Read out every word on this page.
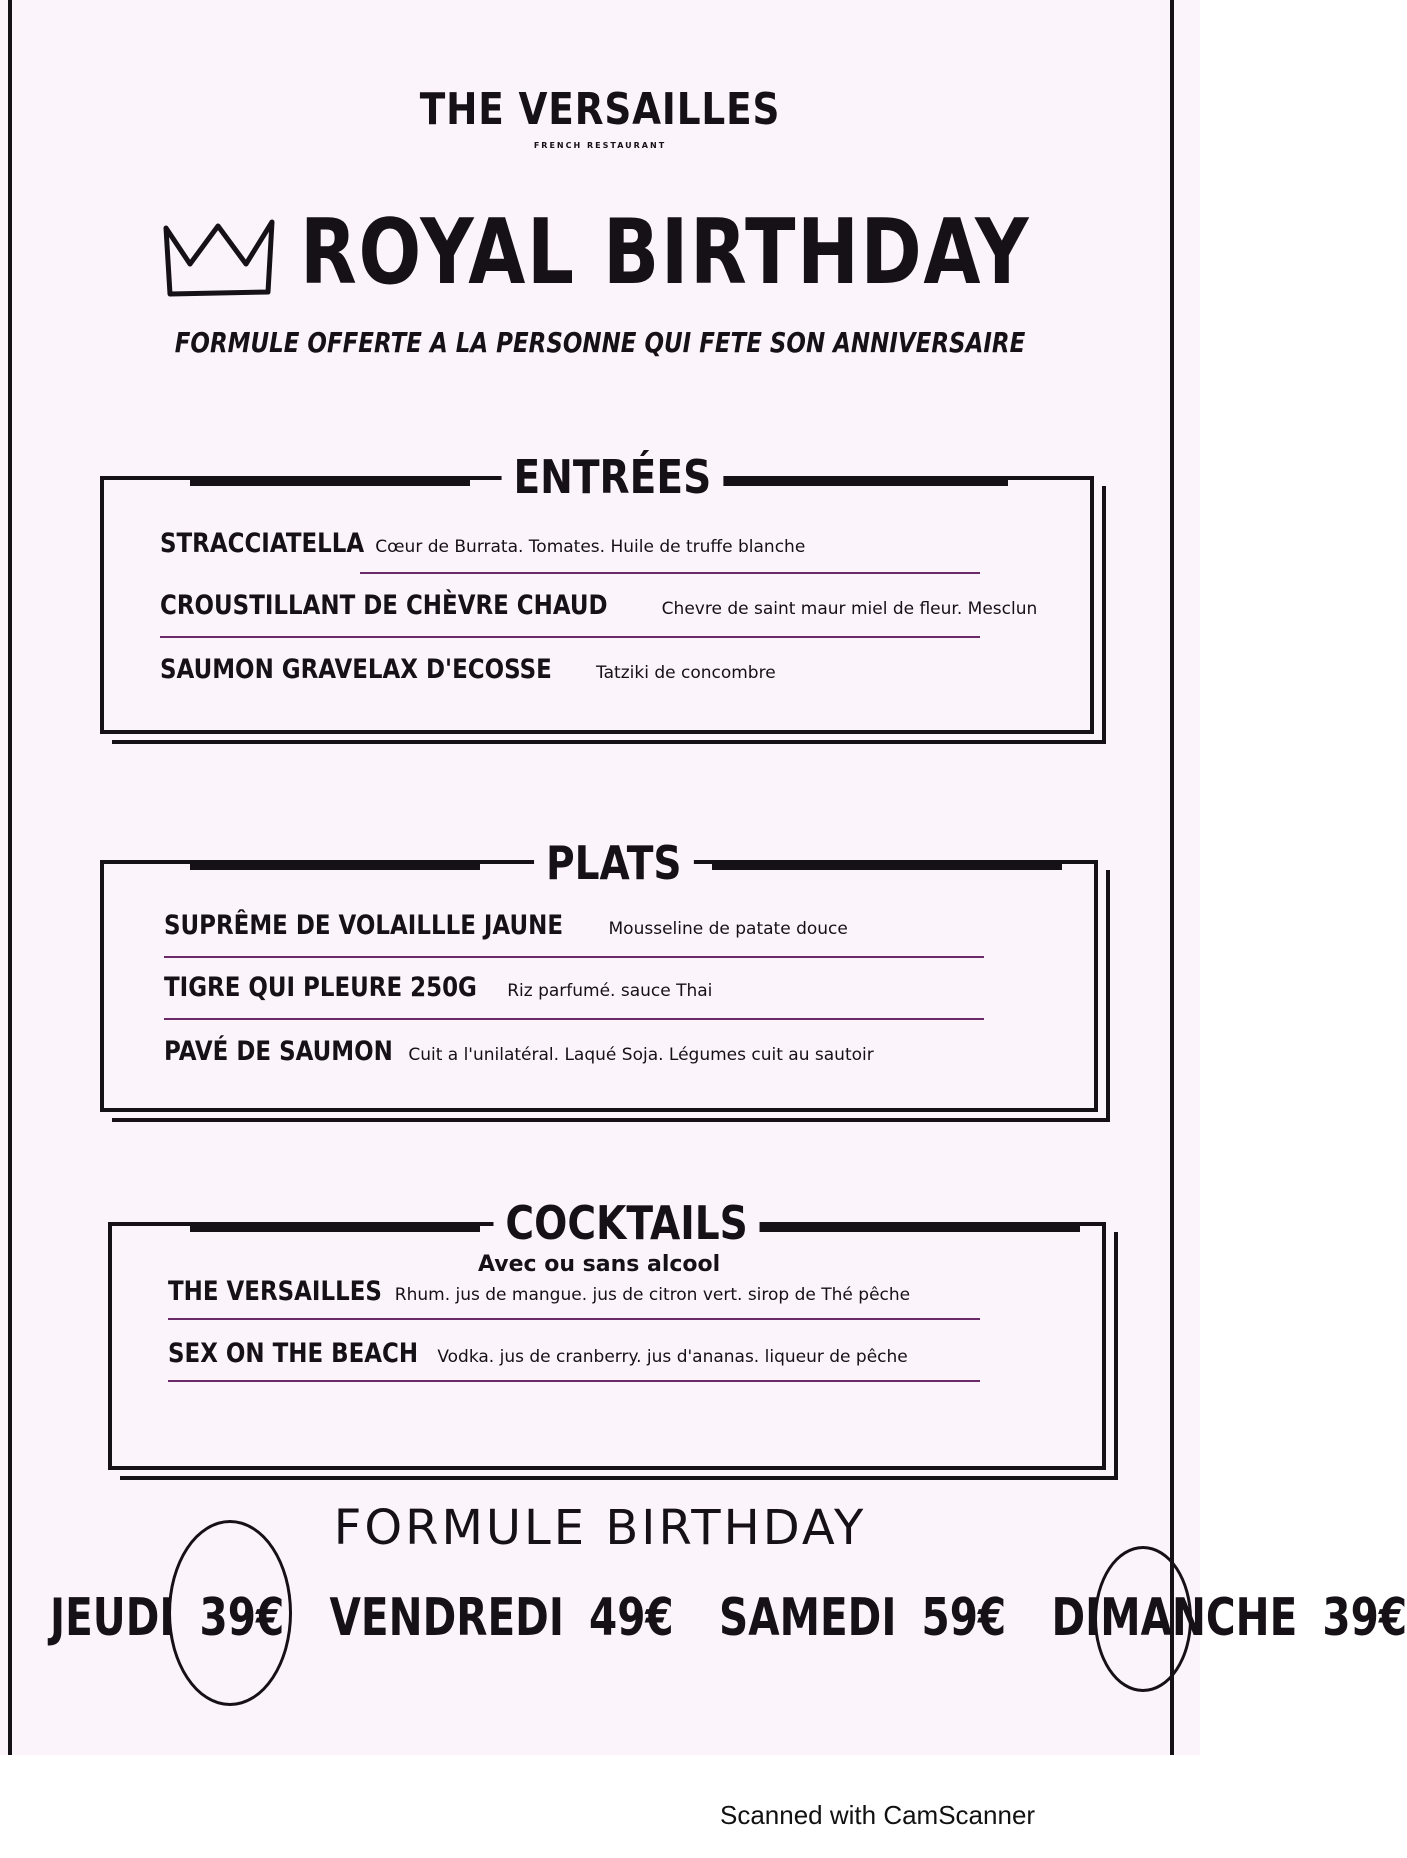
THE VERSAILLES
FRENCH RESTAURANT
ROYAL BIRTHDAY
FORMULE OFFERTE A LA PERSONNE QUI FETE SON ANNIVERSAIRE
ENTRÉES
STRACCIATELLA Cœur de Burrata. Tomates. Huile de truffe blanche
CROUSTILLANT DE CHÈVRE CHAUD	Chevre de saint maur miel de fleur. Mesclun
SAUMON GRAVELAX D'ECOSSE	Tatziki de concombre
PLATS
SUPRÊME DE VOLAILLLE JAUNE	Mousseline de patate douce
TIGRE QUI PLEURE 250G Riz parfumé. sauce Thai
PAVÉ DE SAUMON Cuit a l'unilatéral. Laqué Soja. Légumes cuit au sautoir
COCKTAILS
Avec ou sans alcool
THE VERSAILLES Rhum. jus de mangue. jus de citron vert. sirop de Thé pêche
SEX ON THE BEACH Vodka. jus de cranberry. jus d'ananas. liqueur de pêche
FORMULE BIRTHDAY
JEUDI 39€ VENDREDI 49€ SAMEDI 59€ DIMANCHE 39€
Scanned with CamScanner
